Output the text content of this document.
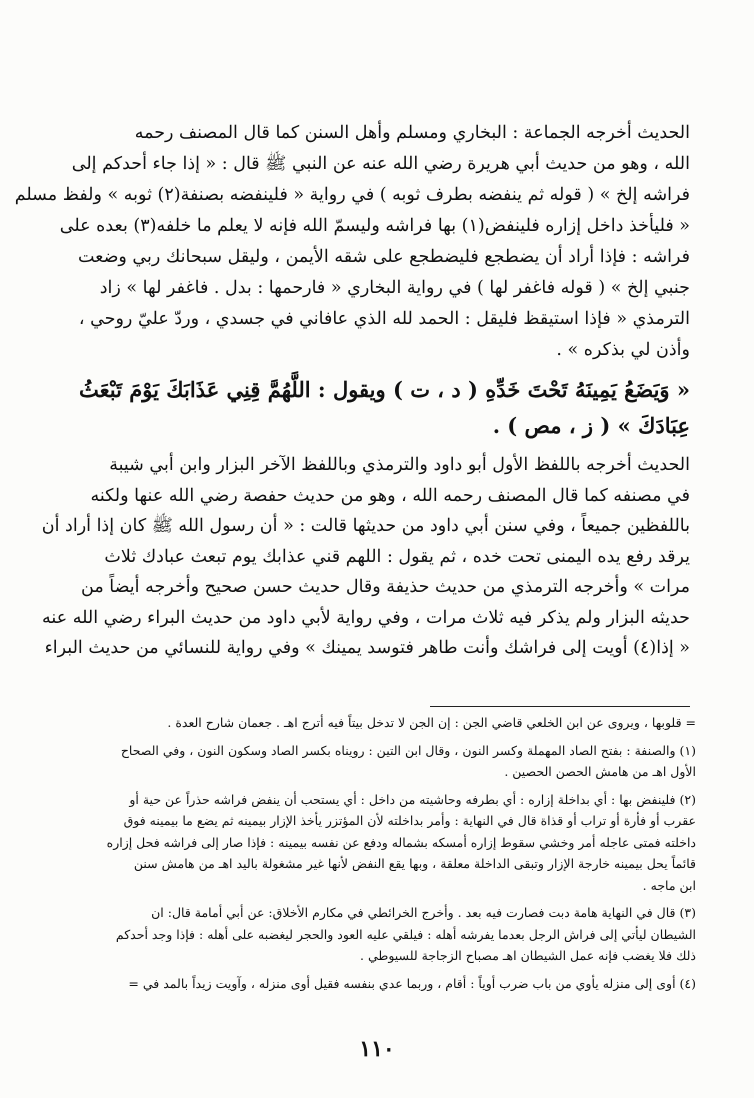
الحديث أخرجه الجماعة : البخاري ومسلم وأهل السنن كما قال المصنف رحمه
الله ، وهو من حديث أبي هريرة رضي الله عنه عن النبي ﷺ قال : « إذا جاء أحدكم إلى
فراشه إلخ » ( قوله ثم ينفضه بطرف ثوبه ) في رواية « فلينفضه بصنفة(٢) ثوبه » ولفظ مسلم
« فليأخذ داخل إزاره فلينفض(١) بها فراشه وليسمّ الله فإنه لا يعلم ما خلفه(٣) بعده على
فراشه : فإذا أراد أن يضطجع فليضطجع على شقه الأيمن ، وليقل سبحانك ربي وضعت
جنبي إلخ » ( قوله فاغفر لها ) في رواية البخاري « فارحمها : بدل . فاغفر لها » زاد
الترمذي « فإذا استيقظ فليقل : الحمد لله الذي عافاني في جسدي ، وردّ عليّ روحي ،
وأذن لي بذكره » .
« وَيَضَعُ يَمِينَهُ تَحْتَ خَدِّهِ ( د ، ت ) ويقول : اللَّهُمَّ قِنِي عَذَابَكَ يَوْمَ تَبْعَثُ
عِبَادَكَ » ( ز ، مص ) .
الحديث أخرجه باللفظ الأول أبو داود والترمذي وباللفظ الآخر البزار وابن أبي شيبة
في مصنفه كما قال المصنف رحمه الله ، وهو من حديث حفصة رضي الله عنها ولكنه
باللفظين جميعاً ، وفي سنن أبي داود من حديثها قالت : « أن رسول الله ﷺ كان إذا أراد أن
يرقد رفع يده اليمنى تحت خده ، ثم يقول : اللهم قني عذابك يوم تبعث عبادك ثلاث
مرات » وأخرجه الترمذي من حديث حذيفة وقال حديث حسن صحيح وأخرجه أيضاً من
حديثه البزار ولم يذكر فيه ثلاث مرات ، وفي رواية لأبي داود من حديث البراء رضي الله عنه
« إذا(٤) أويت إلى فراشك وأنت طاهر فتوسد يمينك » وفي رواية للنسائي من حديث البراء
= قلوبها ، ويروى عن ابن الخلعي قاضي الجن : إن الجن لا تدخل بيتاً فيه أترج اهـ . جعمان شارح العدة .
(١) والصنفة : بفتح الصاد المهملة وكسر النون ، وقال ابن التين : رويناه بكسر الصاد وسكون النون ، وفي الصحاح
الأول اهـ من هامش الحصن الحصين .
(٢) فلينفض بها : أي بداخلة إزاره : أي بطرفه وحاشيته من داخل : أي يستحب أن ينفض فراشه حذراً عن حية أو
عقرب أو فأرة أو تراب أو قذاة قال في النهاية : وأمر بداخلته لأن المؤتزر يأخذ الإزار بيمينه ثم يضع ما بيمينه فوق
داخلته فمتى عاجله أمر وخشي سقوط إزاره أمسكه بشماله ودفع عن نفسه بيمينه : فإذا صار إلى فراشه فحل إزاره
قائماً يحل بيمينه خارجة الإزار وتبقى الداخلة معلقة ، وبها يقع النفض لأنها غير مشغولة باليد اهـ من هامش سنن
ابن ماجه .
(٣) قال في النهاية هامة دبت فصارت فيه بعد . وأخرج الخرائطي في مكارم الأخلاق: عن أبي أمامة قال: ان
الشيطان ليأتي إلى فراش الرجل بعدما يفرشه أهله : فيلقي عليه العود والحجر ليغضبه على أهله : فإذا وجد أحدكم
ذلك فلا يغضب فإنه عمل الشيطان اهـ مصباح الزجاجة للسيوطي .
(٤) أوى إلى منزله يأوي من باب ضرب أوياً : أقام ، وربما عدي بنفسه فقيل أوى منزله ، وآويت زيداً بالمد في =
١١٠
